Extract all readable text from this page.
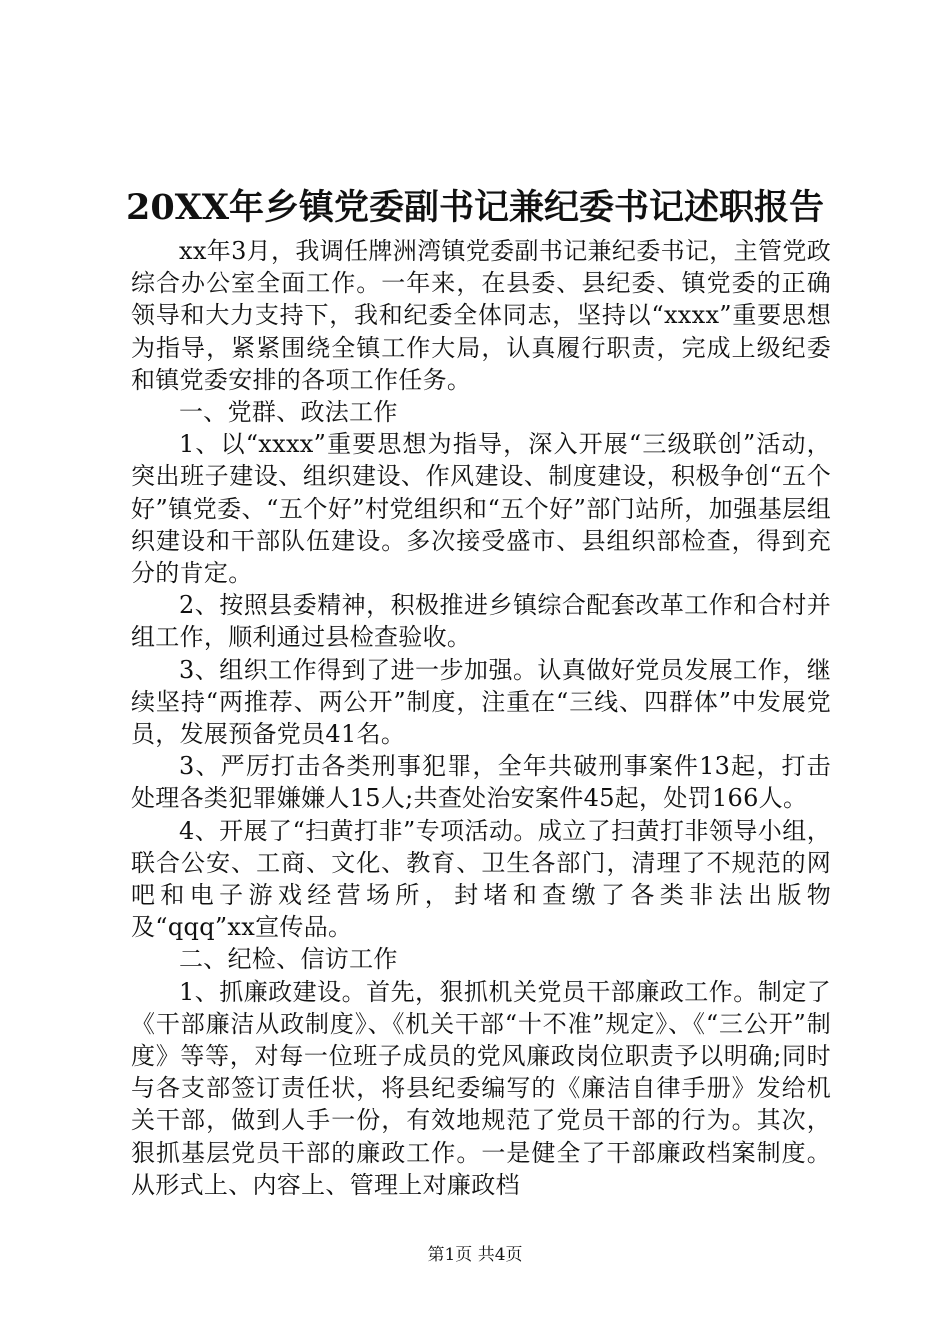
20XX年乡镇党委副书记兼纪委书记述职报告

xx年3月，我调任牌洲湾镇党委副书记兼纪委书记，主管党政综合办公室全面工作。一年来，在县委、县纪委、镇党委的正确领导和大力支持下，我和纪委全体同志，坚持以“xxxx”重要思想为指导，紧紧围绕全镇工作大局，认真履行职责，完成上级纪委和镇党委安排的各项工作任务。

一、党群、政法工作

1、以“xxxx”重要思想为指导，深入开展“三级联创”活动，突出班子建设、组织建设、作风建设、制度建设，积极争创“五个好”镇党委、“五个好”村党组织和“五个好”部门站所，加强基层组织建设和干部队伍建设。多次接受盛市、县组织部检查，得到充分的肯定。

2、按照县委精神，积极推进乡镇综合配套改革工作和合村并组工作，顺利通过县检查验收。

3、组织工作得到了进一步加强。认真做好党员发展工作，继续坚持“两推荐、两公开”制度，注重在“三线、四群体”中发展党员，发展预备党员41名。

3、严厉打击各类刑事犯罪，全年共破刑事案件13起，打击处理各类犯罪嫌嫌人15人;共查处治安案件45起，处罚166人。

4、开展了“扫黄打非”专项活动。成立了扫黄打非领导小组，联合公安、工商、文化、教育、卫生各部门，清理了不规范的网吧和电子游戏经营场所，封堵和查缴了各类非法出版物及“qqq”xx宣传品。

二、纪检、信访工作

1、抓廉政建设。首先，狠抓机关党员干部廉政工作。制定了《干部廉洁从政制度》、《机关干部“十不准”规定》、《“三公开”制度》等等，对每一位班子成员的党风廉政岗位职责予以明确;同时与各支部签订责任状，将县纪委编写的《廉洁自律手册》发给机关干部，做到人手一份，有效地规范了党员干部的行为。其次，狠抓基层党员干部的廉政工作。一是健全了干部廉政档案制度。从形式上、内容上、管理上对廉政档

第1页 共4页
